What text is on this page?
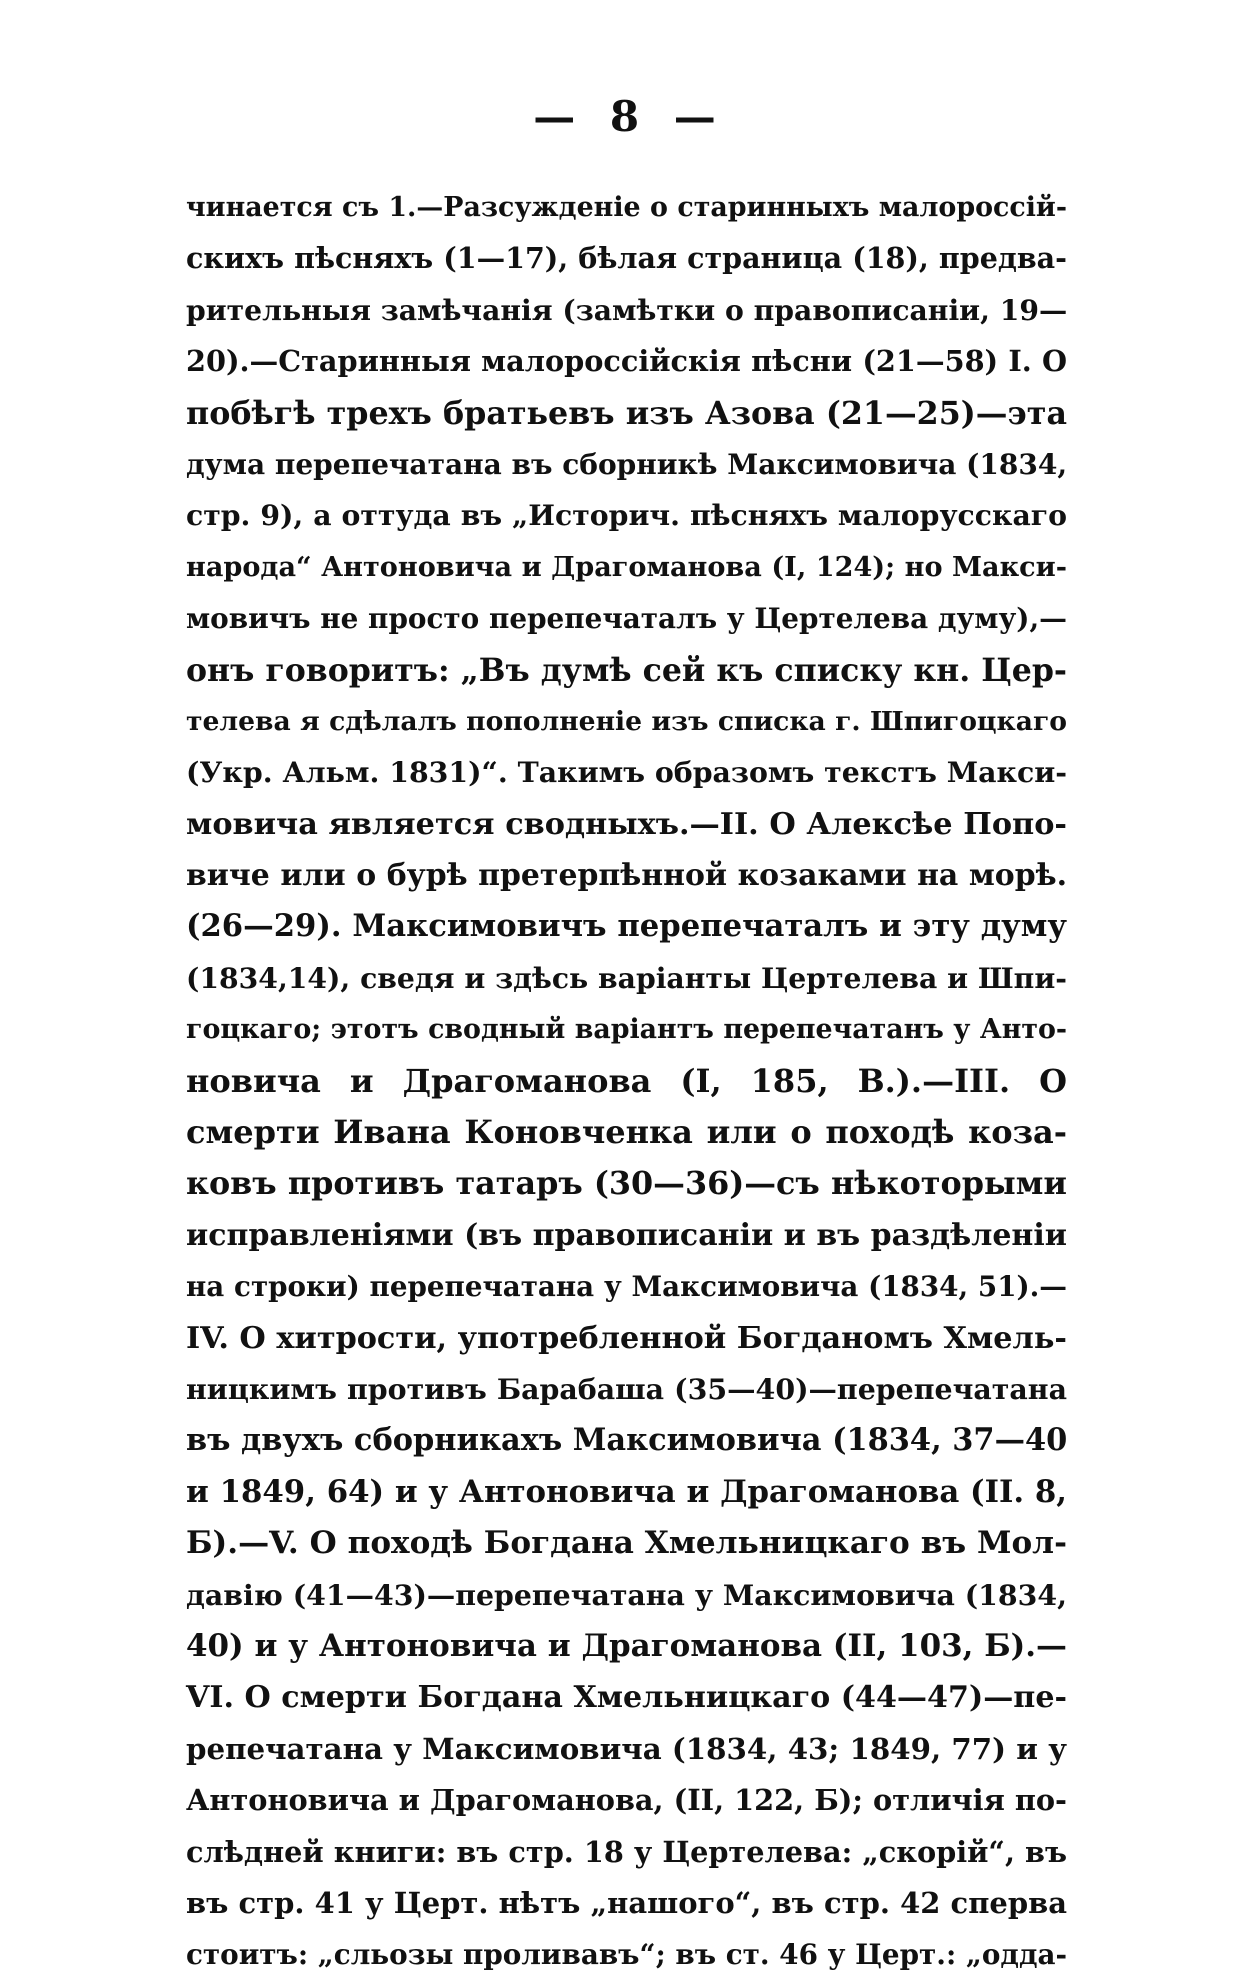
— 8 —
чинается съ 1.—Разсужденіе о старинныхъ малороссій-
скихъ пѣсняхъ (1—17), бѣлая страница (18), предва-
рительныя замѣчанія (замѣтки о правописаніи, 19—
20).—Старинныя малороссійскія пѣсни (21—58) I. О
побѣгѣ трехъ братьевъ изъ Азова (21—25)—эта
дума перепечатана въ сборникѣ Максимовича (1834,
стр. 9), а оттуда въ „Историч. пѣсняхъ малорусскаго
народа“ Антоновича и Драгоманова (I, 124); но Макси-
мовичъ не просто перепечаталъ у Цертелева думу),—
онъ говоритъ: „Въ думѣ сей къ списку кн. Цер-
телева я сдѣлалъ пополненіе изъ списка г. Шпигоцкаго
(Укр. Альм. 1831)“. Такимъ образомъ текстъ Макси-
мовича является сводныхъ.—II. О Алексѣе Попо-
виче или о бурѣ претерпѣнной козаками на морѣ.
(26—29). Максимовичъ перепечаталъ и эту думу
(1834,14), сведя и здѣсь варіанты Цертелева и Шпи-
гоцкаго; этотъ сводный варіантъ перепечатанъ у Анто-
новича и Драгоманова (I, 185, В.).—III. О
смерти Ивана Коновченка или о походѣ коза-
ковъ противъ татаръ (30—36)—съ нѣкоторыми
исправленіями (въ правописаніи и въ раздѣленіи
на строки) перепечатана у Максимовича (1834, 51).—
IV. О хитрости, употребленной Богданомъ Хмель-
ницкимъ противъ Барабаша (35—40)—перепечатана
въ двухъ сборникахъ Максимовича (1834, 37—40
и 1849, 64) и у Антоновича и Драгоманова (II. 8,
Б).—V. О походѣ Богдана Хмельницкаго въ Мол-
давію (41—43)—перепечатана у Максимовича (1834,
40) и у Антоновича и Драгоманова (II, 103, Б).—
VI. О смерти Богдана Хмельницкаго (44—47)—пе-
репечатана у Максимовича (1834, 43; 1849, 77) и у
Антоновича и Драгоманова, (II, 122, Б); отличія по-
слѣдней книги: въ стр. 18 у Цертелева: „скорій“, въ
въ стр. 41 у Церт. нѣтъ „нашого“, въ стр. 42 сперва
стоитъ: „сльозы проливавъ“; въ ст. 46 у Церт.: „одда-
